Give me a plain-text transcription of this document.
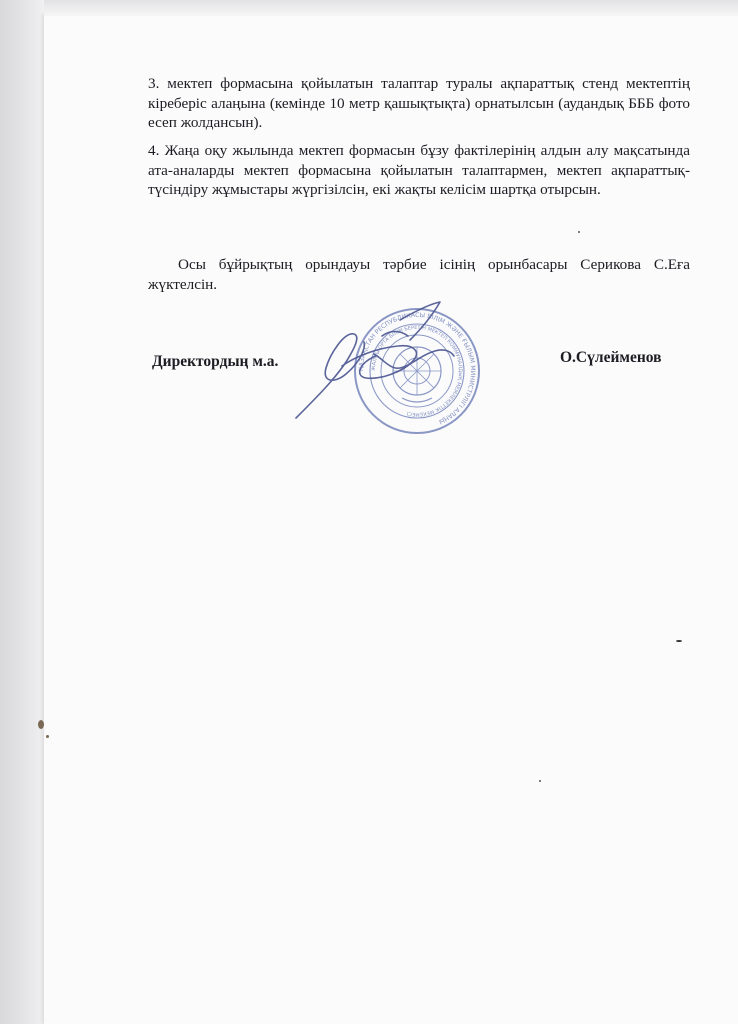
3. мектеп формасына қойылатын талаптар туралы ақпараттық стенд мектептің кіреберіс алаңына (кемінде 10 метр қашықтықта) орнатылсын (аудандық БББ фото есеп жолдансын).

4. Жаңа оқу жылында мектеп формасын бұзу фактілерінің алдын алу мақсатында ата-аналарды мектеп формасына қойылатын талаптармен, мектеп ақпараттық- түсіндіру жұмыстары жүргізілсін, екі жақты келісім шартқа отырсын.

Осы бұйрықтың орындауы тәрбие ісінің орынбасары Серикова С.Еға жүктелсін.

Директордың м.а.	О.Сүлейменов
ҚАЗАҚСТАН РЕСПУБЛИКАСЫ БІЛІМ ЖӘНЕ ҒЫЛЫМ МИНИСТРЛІГІ АЛАҢЫ
ЖАЛПЫ ОРТА БІЛІМ БЕРЕТІН МЕКТЕП КОММУНАЛДЫҚ МЕМЛЕКЕТТІК МЕКЕМЕСІ
